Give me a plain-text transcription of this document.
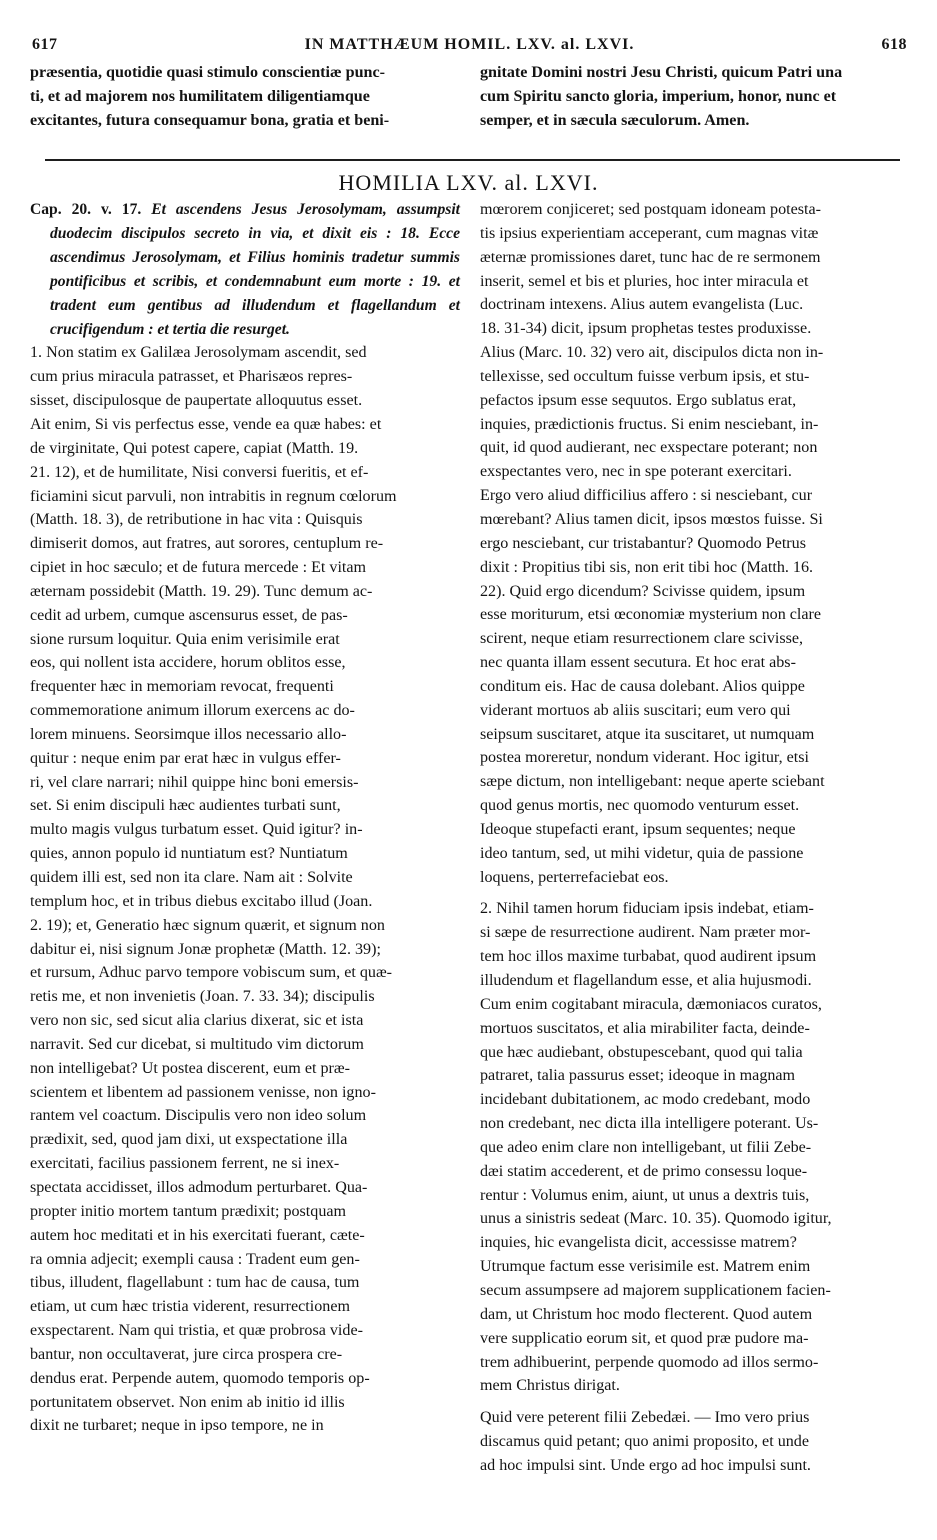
617	IN MATTHÆUM HOMIL. LXV. al. LXVI.	618

præsentia, quotidie quasi stimulo conscientiæ punc-
ti, et ad majorem nos humilitatem diligentiamque
excitantes, futura consequamur bona, gratia et beni-

gnitate Domini nostri Jesu Christi, quicum Patri una
cum Spiritu sancto gloria, imperium, honor, nunc et
semper, et in sæcula sæculorum. Amen.

HOMILIA LXV. al. LXVI.

Cap. 20. v. 17. Et ascendens Jesus Jerosolymam, assumpsit duodecim discipulos secreto in via, et dixit eis : 18. Ecce ascendimus Jerosolymam, et Filius hominis tradetur summis pontificibus et scribis, et condemnabunt eum morte : 19. et tradent eum gentibus ad illudendum et flagellandum et crucifigendum : et tertia die resurget.

1. Non statim ex Galilæa Jerosolymam ascendit, sed
cum prius miracula patrasset, et Pharisæos repres-
sisset, discipulosque de paupertate alloquutus esset.
Ait enim, Si vis perfectus esse, vende ea quæ habes: et
de virginitate, Qui potest capere, capiat (Matth. 19.
21. 12), et de humilitate, Nisi conversi fueritis, et ef-
ficiamini sicut parvuli, non intrabitis in regnum cœlorum
(Matth. 18. 3), de retributione in hac vita : Quisquis
dimiserit domos, aut fratres, aut sorores, centuplum re-
cipiet in hoc sæculo; et de futura mercede : Et vitam
æternam possidebit (Matth. 19. 29). Tunc demum ac-
cedit ad urbem, cumque ascensurus esset, de pas-
sione rursum loquitur. Quia enim verisimile erat
eos, qui nollent ista accidere, horum oblitos esse,
frequenter hæc in memoriam revocat, frequenti
commemoratione animum illorum exercens ac do-
lorem minuens. Seorsimque illos necessario allo-
quitur : neque enim par erat hæc in vulgus effer-
ri, vel clare narrari; nihil quippe hinc boni emersis-
set. Si enim discipuli hæc audientes turbati sunt,
multo magis vulgus turbatum esset. Quid igitur? in-
quies, annon populo id nuntiatum est? Nuntiatum
quidem illi est, sed non ita clare. Nam ait : Solvite
templum hoc, et in tribus diebus excitabo illud (Joan.
2. 19); et, Generatio hæc signum quærit, et signum non
dabitur ei, nisi signum Jonæ prophetæ (Matth. 12. 39);
et rursum, Adhuc parvo tempore vobiscum sum, et quæ-
retis me, et non invenietis (Joan. 7. 33. 34); discipulis
vero non sic, sed sicut alia clarius dixerat, sic et ista
narravit. Sed cur dicebat, si multitudo vim dictorum
non intelligebat? Ut postea discerent, eum et præ-
scientem et libentem ad passionem venisse, non igno-
rantem vel coactum. Discipulis vero non ideo solum
prædixit, sed, quod jam dixi, ut exspectatione illa
exercitati, facilius passionem ferrent, ne si inex-
spectata accidisset, illos admodum perturbaret. Qua-
propter initio mortem tantum prædixit; postquam
autem hoc meditati et in his exercitati fuerant, cæte-
ra omnia adjecit; exempli causa : Tradent eum gen-
tibus, illudent, flagellabunt : tum hac de causa, tum
etiam, ut cum hæc tristia viderent, resurrectionem
exspectarent. Nam qui tristia, et quæ probrosa vide-
bantur, non occultaverat, jure circa prospera cre-
dendus erat. Perpende autem, quomodo temporis op-
portunitatem observet. Non enim ab initio id illis
dixit ne turbaret; neque in ipso tempore, ne in

mœrorem conjiceret; sed postquam idoneam potesta-
tis ipsius experientiam acceperant, cum magnas vitæ
æternæ promissiones daret, tunc hac de re sermonem
inserit, semel et bis et pluries, hoc inter miracula et
doctrinam intexens. Alius autem evangelista (Luc.
18. 31-34) dicit, ipsum prophetas testes produxisse.
Alius (Marc. 10. 32) vero ait, discipulos dicta non in-
tellexisse, sed occultum fuisse verbum ipsis, et stu-
pefactos ipsum esse sequutos. Ergo sublatus erat,
inquies, prædictionis fructus. Si enim nesciebant, in-
quit, id quod audierant, nec exspectare poterant; non
exspectantes vero, nec in spe poterant exercitari.
Ergo vero aliud difficilius affero : si nesciebant, cur
mœrebant? Alius tamen dicit, ipsos mœstos fuisse. Si
ergo nesciebant, cur tristabantur? Quomodo Petrus
dixit : Propitius tibi sis, non erit tibi hoc (Matth. 16.
22). Quid ergo dicendum? Scivisse quidem, ipsum
esse moriturum, etsi œconomiæ mysterium non clare
scirent, neque etiam resurrectionem clare scivisse,
nec quanta illam essent secutura. Et hoc erat abs-
conditum eis. Hac de causa dolebant. Alios quippe
viderant mortuos ab aliis suscitari; eum vero qui
seipsum suscitaret, atque ita suscitaret, ut numquam
postea moreretur, nondum viderant. Hoc igitur, etsi
sæpe dictum, non intelligebant: neque aperte sciebant
quod genus mortis, nec quomodo venturum esset.
Ideoque stupefacti erant, ipsum sequentes; neque
ideo tantum, sed, ut mihi videtur, quia de passione
loquens, perterrefaciebat eos.

2. Nihil tamen horum fiduciam ipsis indebat, etiam-
si sæpe de resurrectione audirent. Nam præter mor-
tem hoc illos maxime turbabat, quod audirent ipsum
illudendum et flagellandum esse, et alia hujusmodi.
Cum enim cogitabant miracula, dæmoniacos curatos,
mortuos suscitatos, et alia mirabiliter facta, deinde-
que hæc audiebant, obstupescebant, quod qui talia
patraret, talia passurus esset; ideoque in magnam
incidebant dubitationem, ac modo credebant, modo
non credebant, nec dicta illa intelligere poterant. Us-
que adeo enim clare non intelligebant, ut filii Zebe-
dæi statim accederent, et de primo consessu loque-
rentur : Volumus enim, aiunt, ut unus a dextris tuis,
unus a sinistris sedeat (Marc. 10. 35). Quomodo igitur,
inquies, hic evangelista dicit, accessisse matrem?
Utrumque factum esse verisimile est. Matrem enim
secum assumpsere ad majorem supplicationem facien-
dam, ut Christum hoc modo flecterent. Quod autem
vere supplicatio eorum sit, et quod præ pudore ma-
trem adhibuerint, perpende quomodo ad illos sermo-
mem Christus dirigat.

Quid vere peterent filii Zebedæi. — Imo vero prius
discamus quid petant; quo animi proposito, et unde
ad hoc impulsi sint. Unde ergo ad hoc impulsi sunt.
